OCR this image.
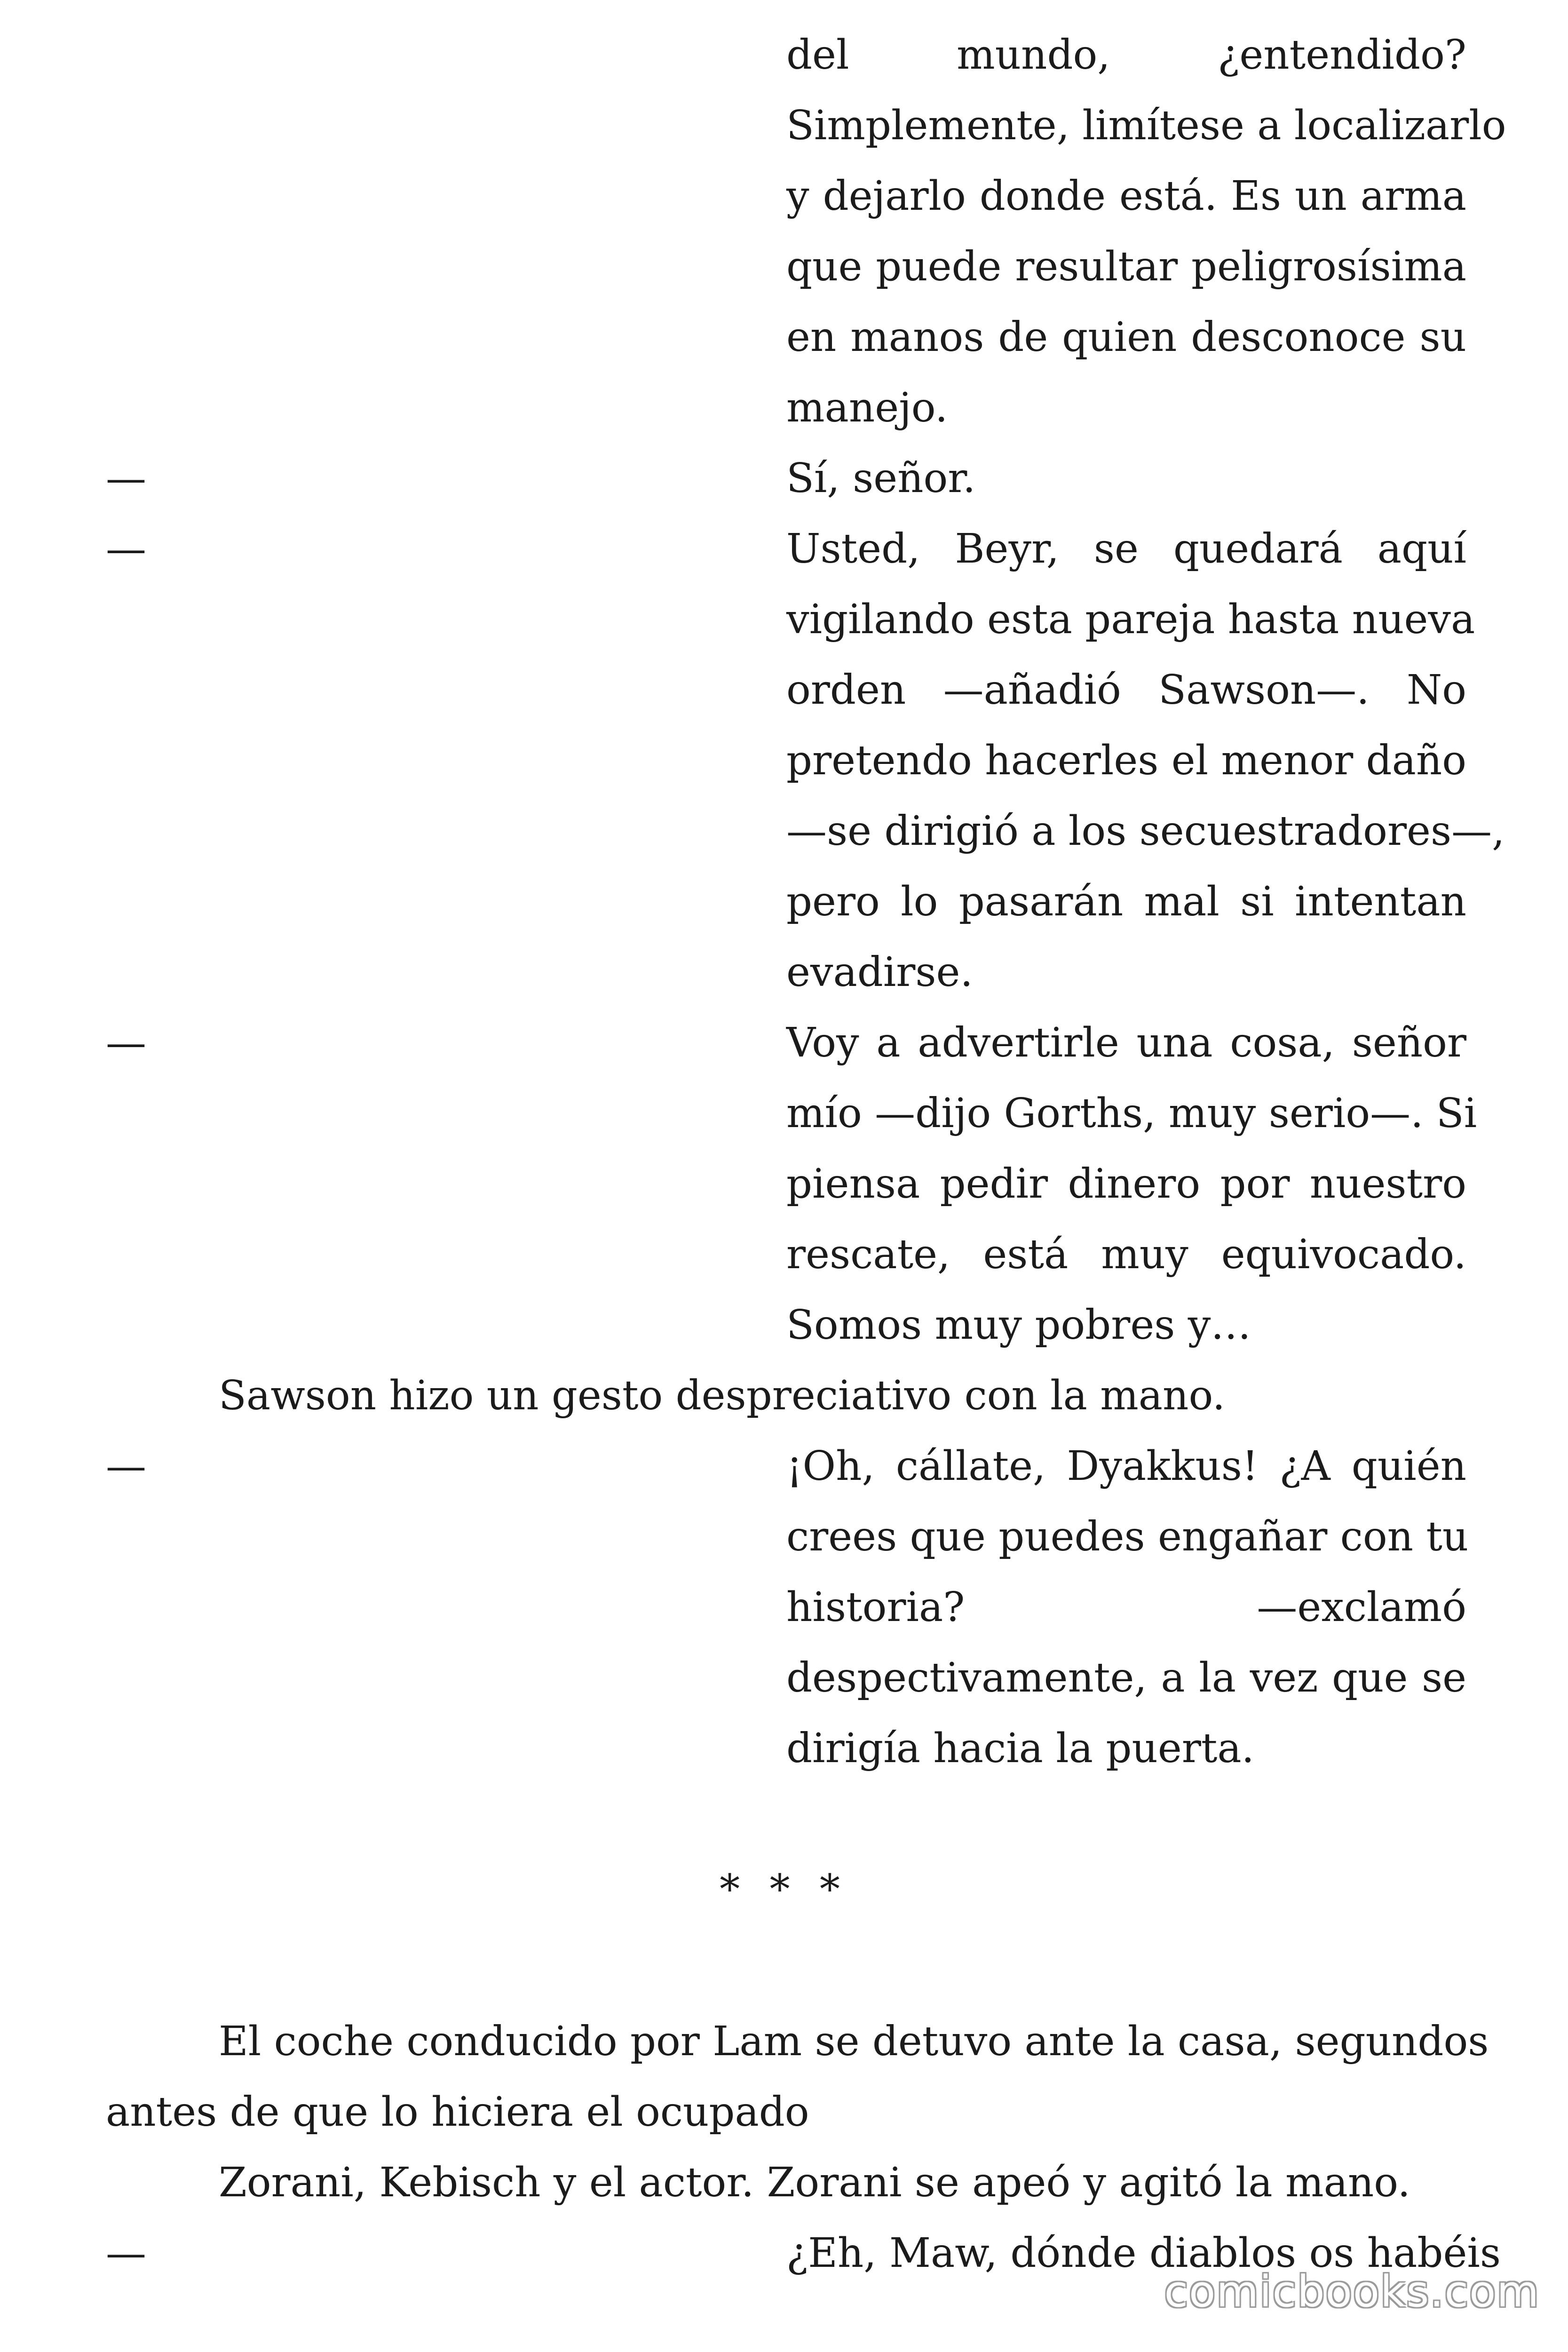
del mundo, ¿entendido?
Simplemente, limítese a localizarlo
y dejarlo donde está. Es un arma
que puede resultar peligrosísima
en manos de quien desconoce su
manejo.
—	Sí, señor.
—	Usted, Beyr, se quedará aquí
vigilando esta pareja hasta nueva
orden —añadió Sawson—. No
pretendo hacerles el menor daño
—se dirigió a los secuestradores—,
pero lo pasarán mal si intentan
evadirse.
—	Voy a advertirle una cosa, señor
mío —dijo Gorths, muy serio—. Si
piensa pedir dinero por nuestro
rescate, está muy equivocado.
Somos muy pobres y…
Sawson hizo un gesto despreciativo con la mano.
—	¡Oh, cállate, Dyakkus! ¿A quién
crees que puedes engañar con tu
historia? —exclamó
despectivamente, a la vez que se
dirigía hacia la puerta.
* * *
El coche conducido por Lam se detuvo ante la casa, segundos
antes de que lo hiciera el ocupado
Zorani, Kebisch y el actor. Zorani se apeó y agitó la mano.
—	¿Eh, Maw, dónde diablos os habéis
comicbooks.com
